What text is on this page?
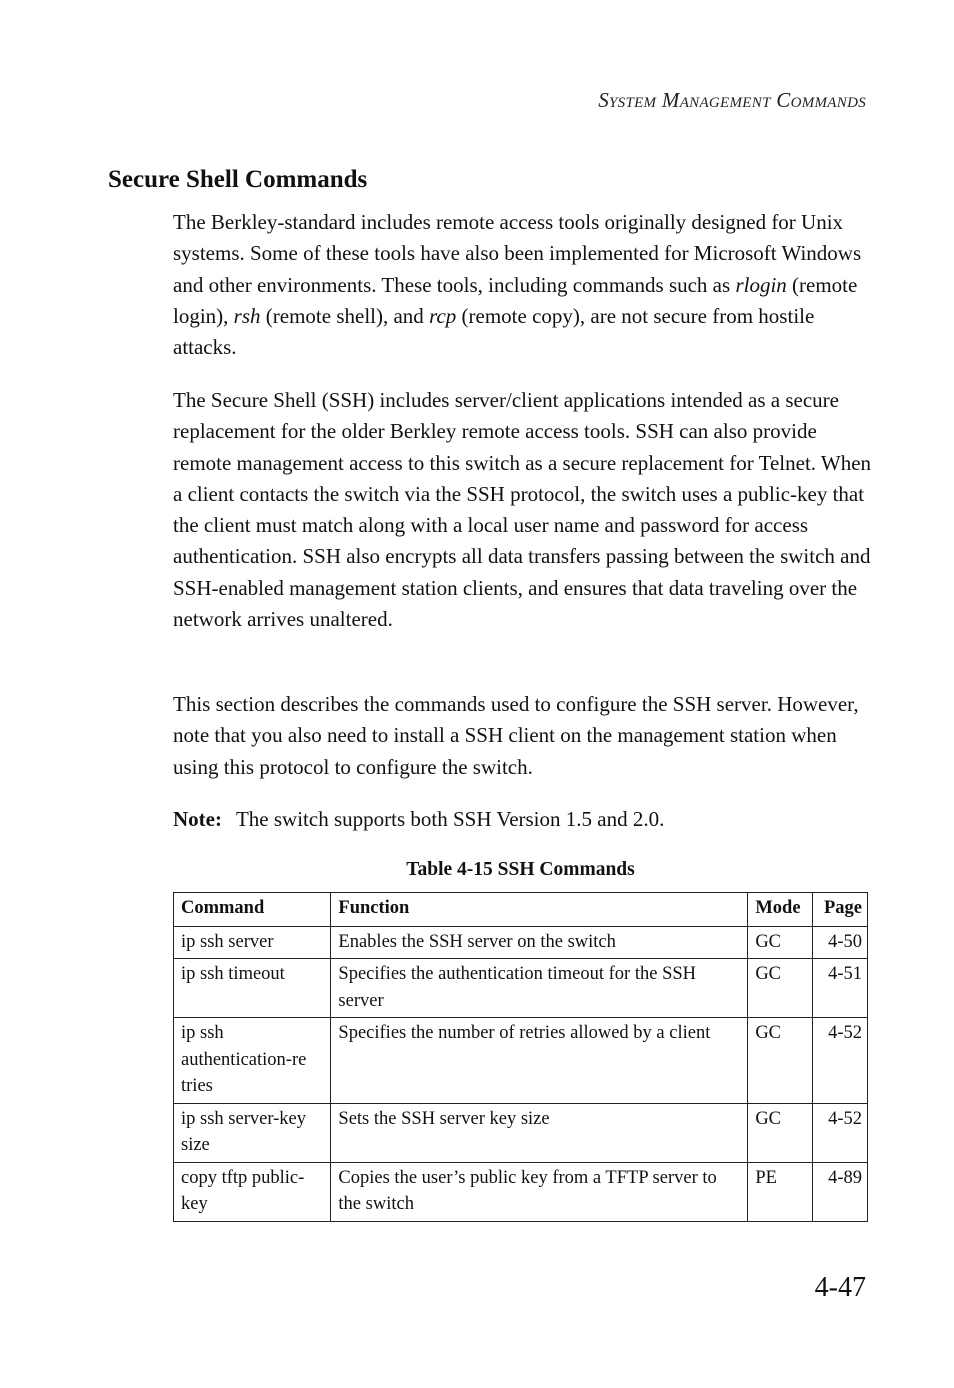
System Management Commands
Secure Shell Commands

The Berkley-standard includes remote access tools originally designed for Unix systems. Some of these tools have also been implemented for Microsoft Windows and other environments. These tools, including commands such as rlogin (remote login), rsh (remote shell), and rcp (remote copy), are not secure from hostile attacks.

The Secure Shell (SSH) includes server/client applications intended as a secure replacement for the older Berkley remote access tools. SSH can also provide remote management access to this switch as a secure replacement for Telnet. When a client contacts the switch via the SSH protocol, the switch uses a public-key that the client must match along with a local user name and password for access authentication. SSH also encrypts all data transfers passing between the switch and SSH-enabled management station clients, and ensures that data traveling over the network arrives unaltered.

This section describes the commands used to configure the SSH server. However, note that you also need to install a SSH client on the management station when using this protocol to configure the switch.

Note: The switch supports both SSH Version 1.5 and 2.0.
Table 4-15 SSH Commands
Command	Function	Mode	Page
ip ssh server	Enables the SSH server on the switch	GC	4-50
ip ssh timeout	Specifies the authentication timeout for the SSH server	GC	4-51
ip ssh authentication-re tries	Specifies the number of retries allowed by a client	GC	4-52
ip ssh server-key size	Sets the SSH server key size	GC	4-52
copy tftp public-key	Copies the user’s public key from a TFTP server to the switch	PE	4-89
4-47
